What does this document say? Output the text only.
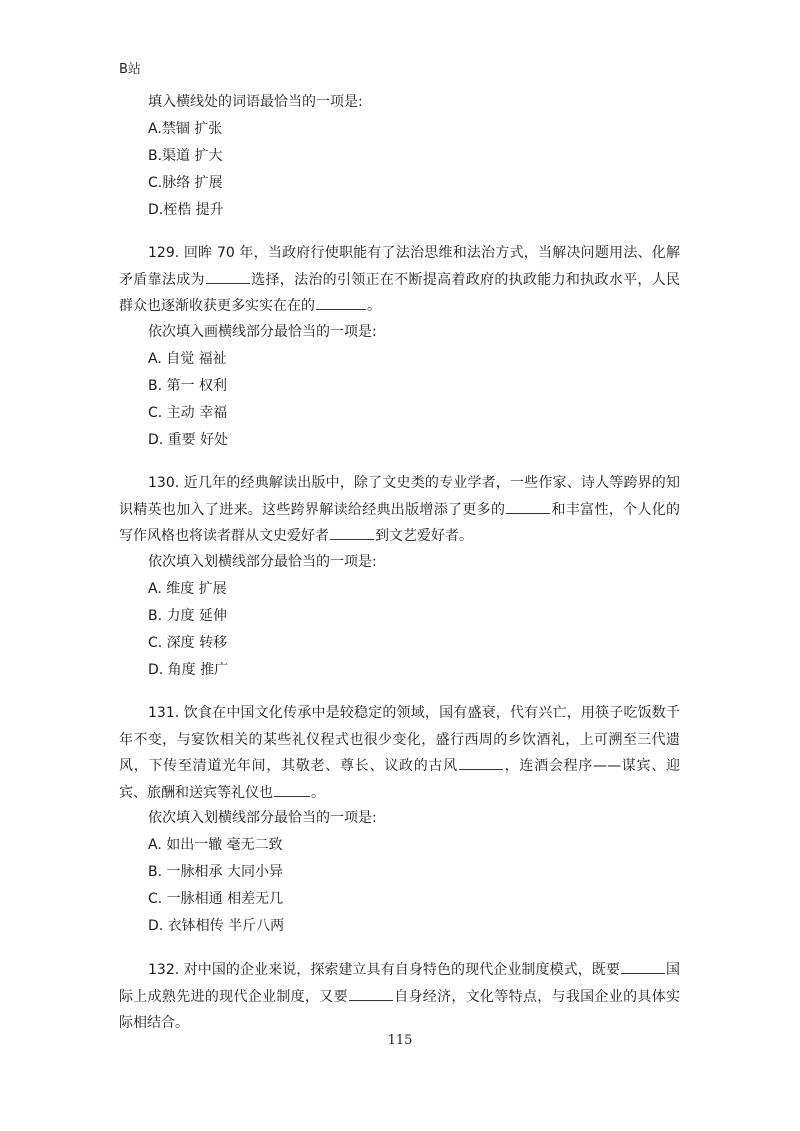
B站
填入横线处的词语最恰当的一项是:
A.禁锢 扩张
B.渠道 扩大
C.脉络 扩展
D.桎梏 提升
129. 回眸 70 年，当政府行使职能有了法治思维和法治方式，当解决问题用法、化解矛盾靠法成为	选择，法治的引领正在不断提高着政府的执政能力和执政水平，人民群众也逐渐收获更多实实在在的	。
依次填入画横线部分最恰当的一项是:
A. 自觉 福祉
B. 第一 权利
C. 主动 幸福
D. 重要 好处
130. 近几年的经典解读出版中，除了文史类的专业学者，一些作家、诗人等跨界的知识精英也加入了进来。这些跨界解读给经典出版增添了更多的	和丰富性，个人化的写作风格也将读者群从文史爱好者	到文艺爱好者。
依次填入划横线部分最恰当的一项是:
A. 维度 扩展
B. 力度 延伸
C. 深度 转移
D. 角度 推广
131. 饮食在中国文化传承中是较稳定的领域，国有盛衰，代有兴亡，用筷子吃饭数千年不变，与宴饮相关的某些礼仪程式也很少变化，盛行西周的乡饮酒礼，上可溯至三代遗风，下传至清道光年间，其敬老、尊长、议政的古风	，连酒会程序——谋宾、迎宾、旅酬和送宾等礼仪也	。
依次填入划横线部分最恰当的一项是:
A. 如出一辙 毫无二致
B. 一脉相承 大同小异
C. 一脉相通 相差无几
D. 衣钵相传 半斤八两
132. 对中国的企业来说，探索建立具有自身特色的现代企业制度模式，既要	国际上成熟先进的现代企业制度，又要	自身经济，文化等特点，与我国企业的具体实际相结合。
115
